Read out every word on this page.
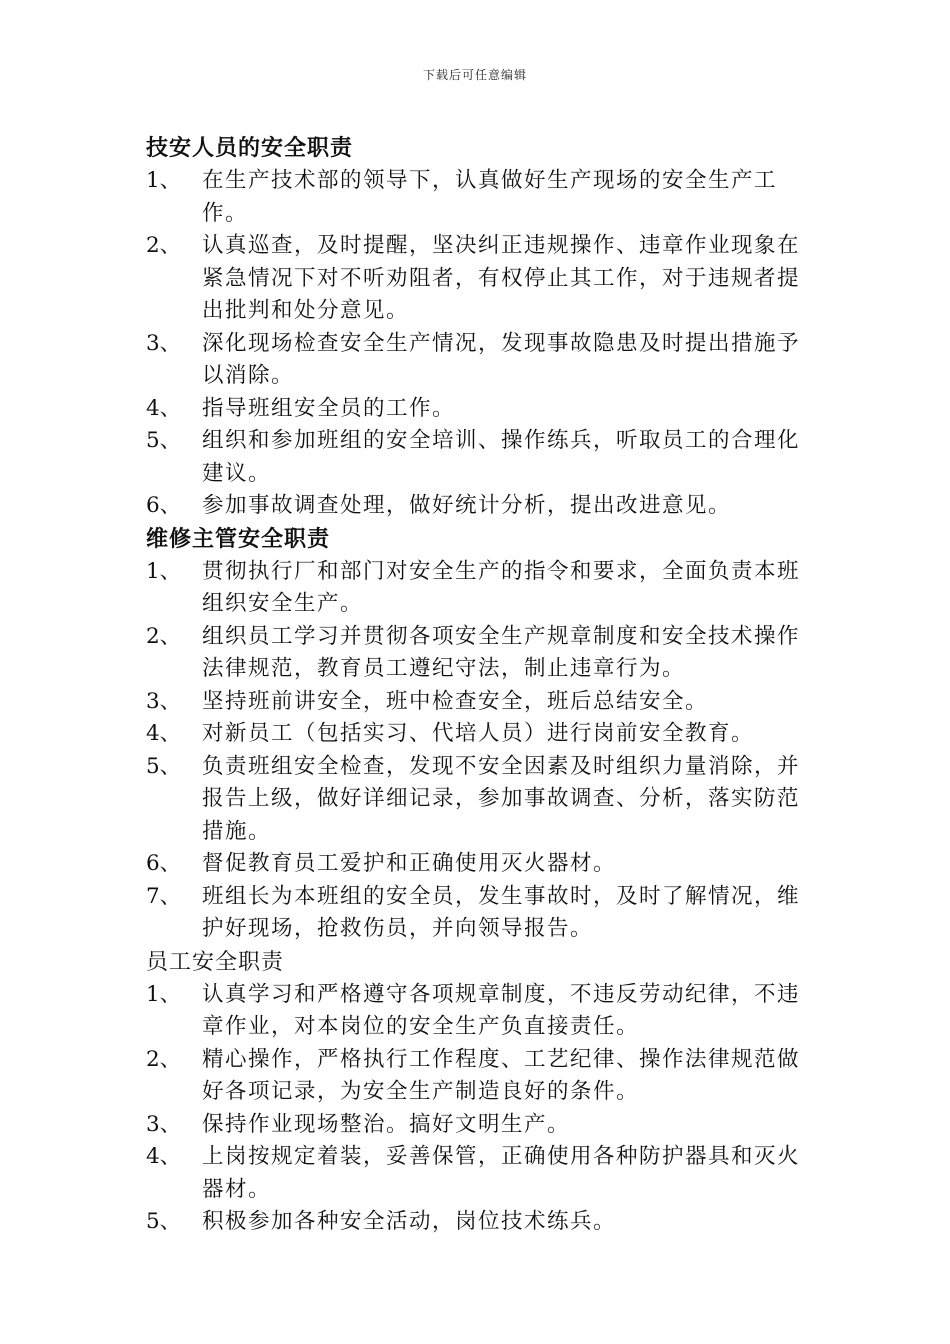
下载后可任意编辑
技安人员的安全职责
1、 在生产技术部的领导下，认真做好生产现场的安全生产工作。
2、 认真巡查，及时提醒，坚决纠正违规操作、违章作业现象在紧急情况下对不听劝阻者，有权停止其工作，对于违规者提出批判和处分意见。
3、 深化现场检查安全生产情况，发现事故隐患及时提出措施予以消除。
4、 指导班组安全员的工作。
5、 组织和参加班组的安全培训、操作练兵，听取员工的合理化建议。
6、 参加事故调查处理，做好统计分析，提出改进意见。
维修主管安全职责
1、 贯彻执行厂和部门对安全生产的指令和要求，全面负责本班组织安全生产。
2、 组织员工学习并贯彻各项安全生产规章制度和安全技术操作法律规范，教育员工遵纪守法，制止违章行为。
3、 坚持班前讲安全，班中检查安全，班后总结安全。
4、 对新员工（包括实习、代培人员）进行岗前安全教育。
5、 负责班组安全检查，发现不安全因素及时组织力量消除，并报告上级，做好详细记录，参加事故调查、分析，落实防范措施。
6、 督促教育员工爱护和正确使用灭火器材。
7、 班组长为本班组的安全员，发生事故时，及时了解情况，维护好现场，抢救伤员，并向领导报告。
员工安全职责
1、 认真学习和严格遵守各项规章制度，不违反劳动纪律，不违章作业，对本岗位的安全生产负直接责任。
2、 精心操作，严格执行工作程度、工艺纪律、操作法律规范做好各项记录，为安全生产制造良好的条件。
3、 保持作业现场整治。搞好文明生产。
4、 上岗按规定着装，妥善保管，正确使用各种防护器具和灭火器材。
5、 积极参加各种安全活动，岗位技术练兵。
